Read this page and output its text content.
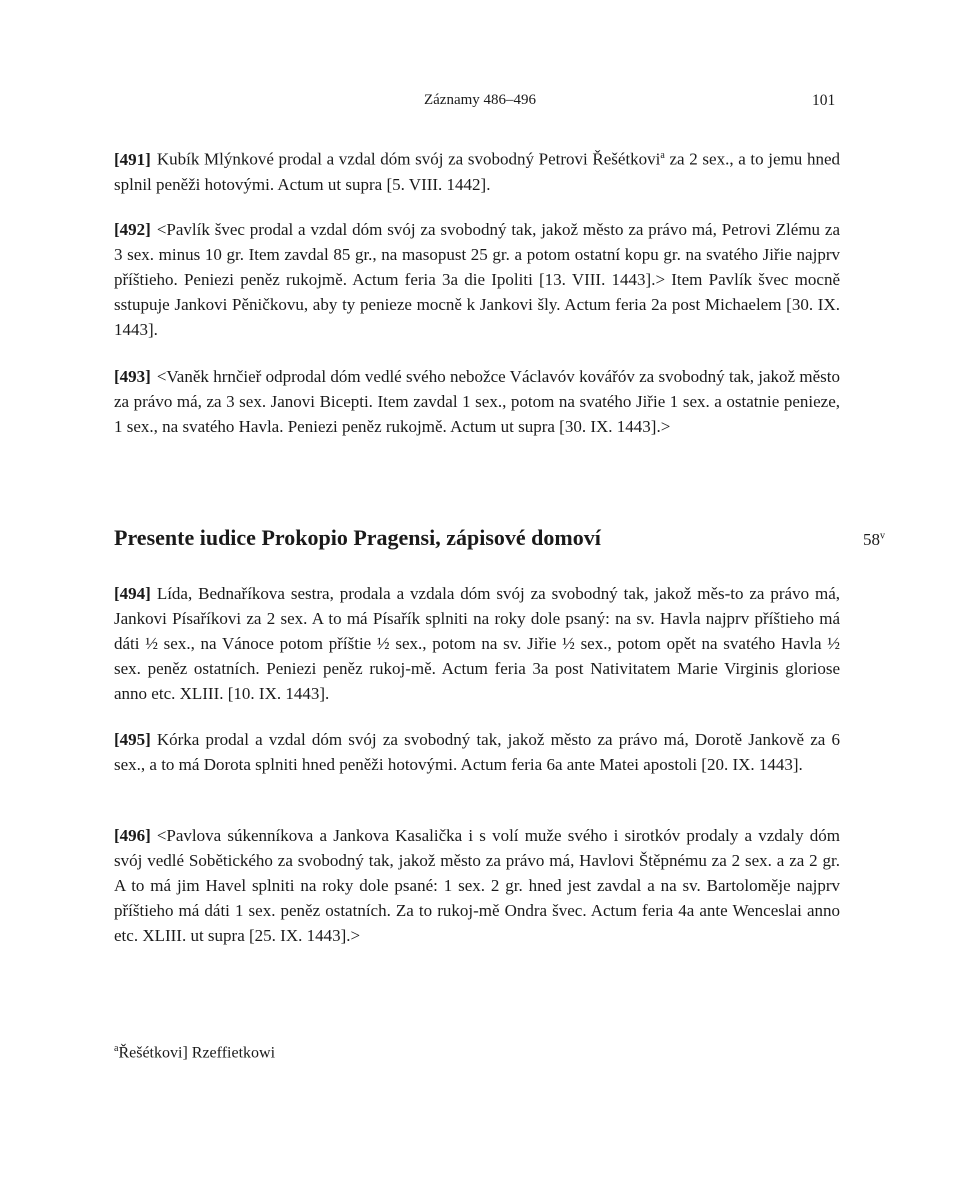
Záznamy 486–496	101

[491] Kubík Mlýnkové prodal a vzdal dóm svój za svobodný Petrovi Řešétkovi$^a$ za 2 sex., a to jemu hned splnil peněži hotovými. Actum ut supra [5. VIII. 1442].

[492] <Pavlík švec prodal a vzdal dóm svój za svobodný tak, jakož město za právo má, Petrovi Zlému za 3 sex. minus 10 gr. Item zavdal 85 gr., na masopust 25 gr. a potom ostatní kopu gr. na svatého Jiřie najprv příštieho. Peniezi peněz rukojmě. Actum feria 3a die Ipoliti [13. VIII. 1443].> Item Pavlík švec mocně sstupuje Jankovi Pěničkovu, aby ty penieze mocně k Jankovi šly. Actum feria 2a post Michaelem [30. IX. 1443].

[493] <Vaněk hrnčieř odprodal dóm vedlé svého nebožce Václavóv kovářóv za svobodný tak, jakož město za právo má, za 3 sex. Janovi Bicepti. Item zavdal 1 sex., potom na svatého Jiřie 1 sex. a ostatnie penieze, 1 sex., na svatého Havla. Peniezi peněz rukojmě. Actum ut supra [30. IX. 1443].>

Presente iudice Prokopio Pragensi, zápisové domoví	58$^v$

[494] Lída, Bednaříkova sestra, prodala a vzdala dóm svój za svobodný tak, jakož měs-to za právo má, Jankovi Písaříkovi za 2 sex. A to má Písařík splniti na roky dole psaný: na sv. Havla najprv příštieho má dáti ½ sex., na Vánoce potom příštie ½ sex., potom na sv. Jiřie ½ sex., potom opět na svatého Havla ½ sex. peněz ostatních. Peniezi peněz rukoj-mě. Actum feria 3a post Nativitatem Marie Virginis gloriose anno etc. XLIII. [10. IX. 1443].

[495] Kórka prodal a vzdal dóm svój za svobodný tak, jakož město za právo má, Dorotě Jankově za 6 sex., a to má Dorota splniti hned peněži hotovými. Actum feria 6a ante Matei apostoli [20. IX. 1443].

[496] <Pavlova súkenníkova a Jankova Kasalička i s volí muže svého i sirotkóv prodaly a vzdaly dóm svój vedlé Sobětického za svobodný tak, jakož město za právo má, Havlovi Štěpnému za 2 sex. a za 2 gr. A to má jim Havel splniti na roky dole psané: 1 sex. 2 gr. hned jest zavdal a na sv. Bartoloměje najprv příštieho má dáti 1 sex. peněz ostatních. Za to rukoj-mě Ondra švec. Actum feria 4a ante Wenceslai anno etc. XLIII. ut supra [25. IX. 1443].>

$^a$Řešétkovi] Rzeffietkowi
